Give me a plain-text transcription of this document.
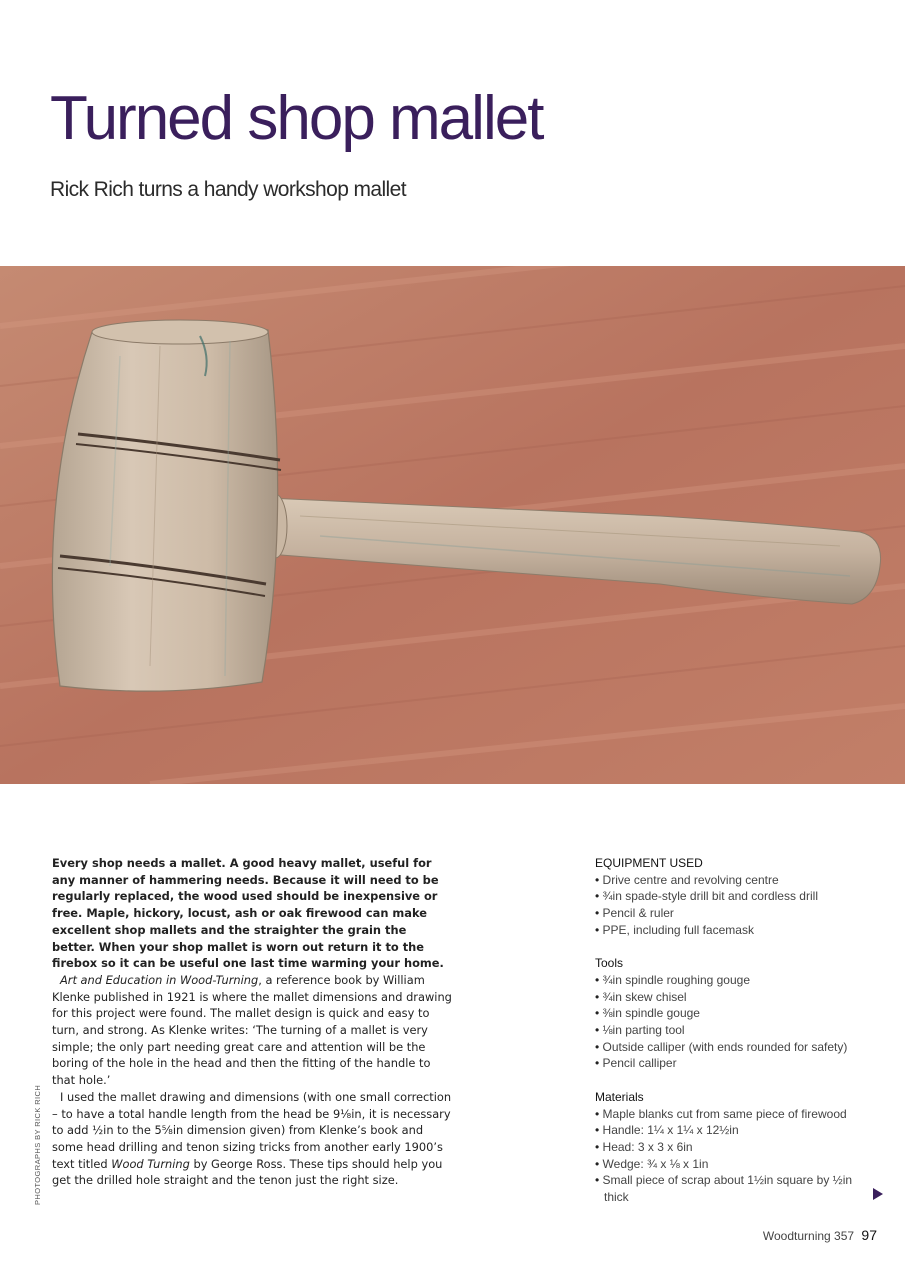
Turned shop mallet

Rick Rich turns a handy workshop mallet

PHOTOGRAPHS BY RICK RICH

Every shop needs a mallet. A good heavy mallet, useful for any manner of hammering needs. Because it will need to be regularly replaced, the wood used should be inexpensive or free. Maple, hickory, locust, ash or oak firewood can make excellent shop mallets and the straighter the grain the better. When your shop mallet is worn out return it to the firebox so it can be useful one last time warming your home.

Art and Education in Wood-Turning, a reference book by William Klenke published in 1921 is where the mallet dimensions and drawing for this project were found. The mallet design is quick and easy to turn, and strong. As Klenke writes: ‘The turning of a mallet is very simple; the only part needing great care and attention will be the boring of the hole in the head and then the fitting of the handle to that hole.’

I used the mallet drawing and dimensions (with one small correction – to have a total handle length from the head be 9⅛in, it is necessary to add ½in to the 5⅝in dimension given) from Klenke’s book and some head drilling and tenon sizing tricks from another early 1900’s text titled Wood Turning by George Ross. These tips should help you get the drilled hole straight and the tenon just the right size.

EQUIPMENT USED
• Drive centre and revolving centre
• ¾in spade-style drill bit and cordless drill
• Pencil & ruler
• PPE, including full facemask
Tools
• ¾in spindle roughing gouge
• ¾in skew chisel
• ⅜in spindle gouge
• ⅛in parting tool
• Outside calliper (with ends rounded for safety)
• Pencil calliper
Materials
• Maple blanks cut from same piece of firewood
• Handle: 1¼ x 1¼ x 12½in
• Head: 3 x 3 x 6in
• Wedge: ¾ x ⅛ x 1in
• Small piece of scrap about 1½in square by ½in thick
Woodturning 357 97
